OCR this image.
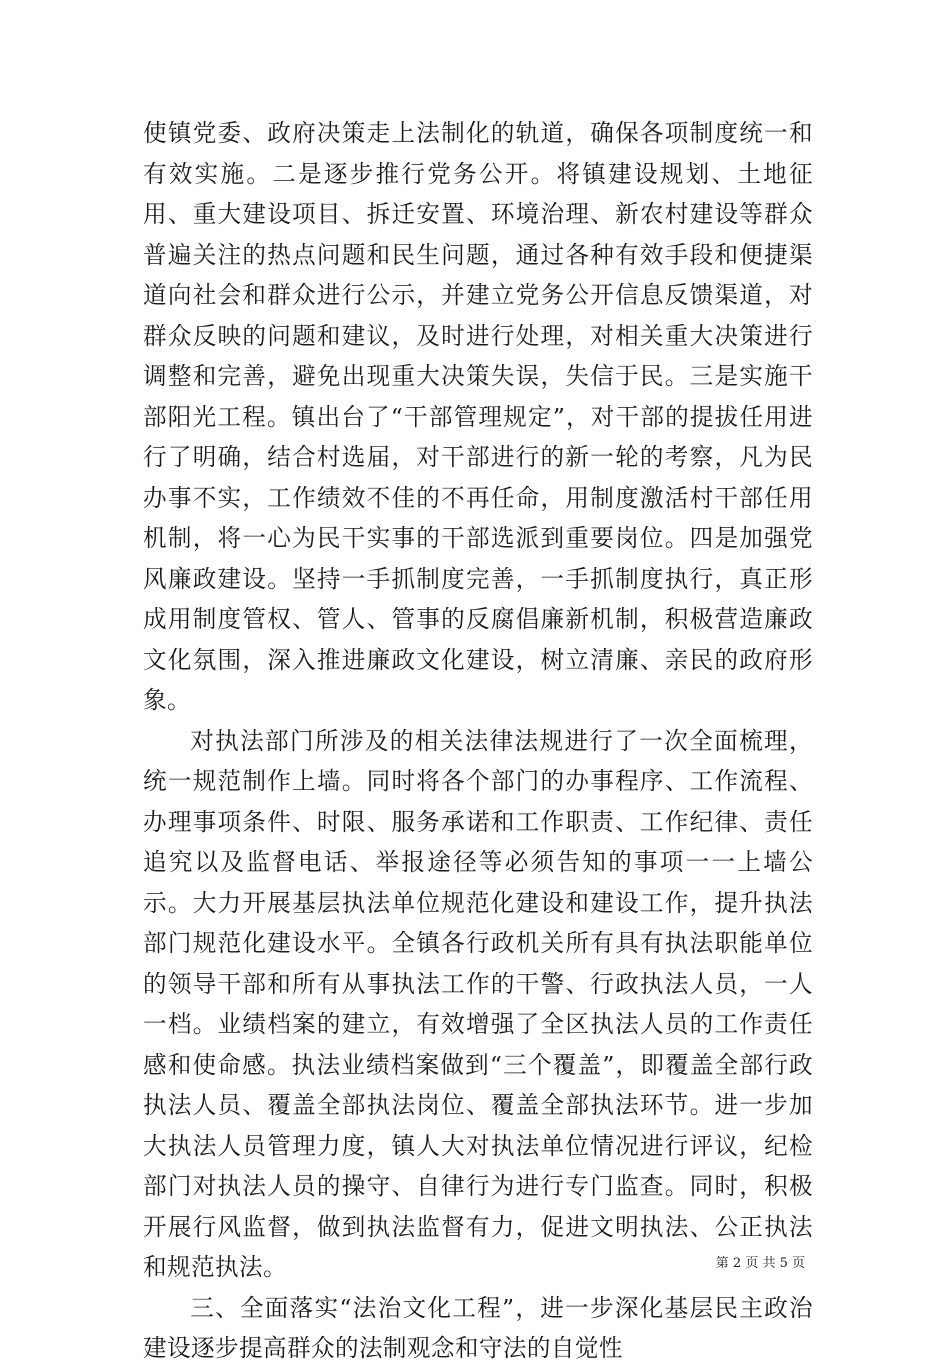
使镇党委、政府决策走上法制化的轨道，确保各项制度统一和有效实施。二是逐步推行党务公开。将镇建设规划、土地征用、重大建设项目、拆迁安置、环境治理、新农村建设等群众普遍关注的热点问题和民生问题，通过各种有效手段和便捷渠道向社会和群众进行公示，并建立党务公开信息反馈渠道，对群众反映的问题和建议，及时进行处理，对相关重大决策进行调整和完善，避免出现重大决策失误，失信于民。三是实施干部阳光工程。镇出台了“干部管理规定”，对干部的提拔任用进行了明确，结合村选届，对干部进行的新一轮的考察，凡为民办事不实，工作绩效不佳的不再任命，用制度激活村干部任用机制，将一心为民干实事的干部选派到重要岗位。四是加强党风廉政建设。坚持一手抓制度完善，一手抓制度执行，真正形成用制度管权、管人、管事的反腐倡廉新机制，积极营造廉政文化氛围，深入推进廉政文化建设，树立清廉、亲民的政府形象。

对执法部门所涉及的相关法律法规进行了一次全面梳理，统一规范制作上墙。同时将各个部门的办事程序、工作流程、办理事项条件、时限、服务承诺和工作职责、工作纪律、责任追究以及监督电话、举报途径等必须告知的事项一一上墙公示。大力开展基层执法单位规范化建设和建设工作，提升执法部门规范化建设水平。全镇各行政机关所有具有执法职能单位的领导干部和所有从事执法工作的干警、行政执法人员，一人一档。业绩档案的建立，有效增强了全区执法人员的工作责任感和使命感。执法业绩档案做到“三个覆盖”，即覆盖全部行政执法人员、覆盖全部执法岗位、覆盖全部执法环节。进一步加大执法人员管理力度，镇人大对执法单位情况进行评议，纪检部门对执法人员的操守、自律行为进行专门监查。同时，积极开展行风监督，做到执法监督有力，促进文明执法、公正执法和规范执法。

三、全面落实“法治文化工程”，进一步深化基层民主政治建设逐步提高群众的法制观念和守法的自觉性

第 2 页 共 5 页
